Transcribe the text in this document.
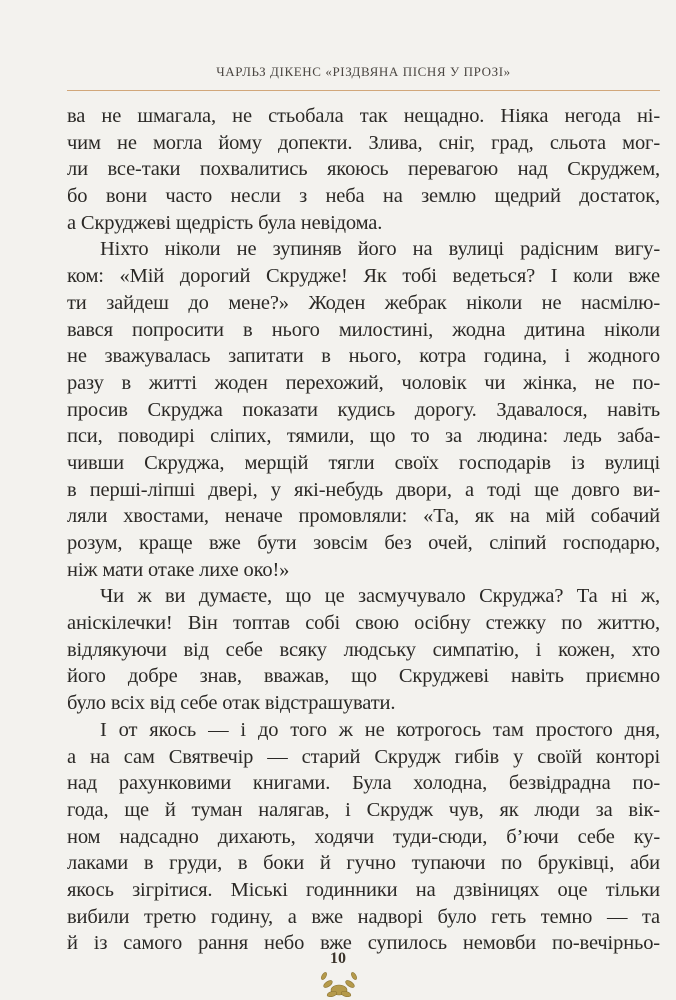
ЧАРЛЬЗ ДІКЕНС «РІЗДВЯНА ПІСНЯ У ПРОЗІ»
ва не шмагала, не стьобала так нещадно. Ніяка негода ні-
чим не могла йому допекти. Злива, сніг, град, сльота мог-
ли все-таки похвалитись якоюсь перевагою над Скруджем,
бо вони часто несли з неба на землю щедрий достаток,
а Скруджеві щедрість була невідома.
Ніхто ніколи не зупиняв його на вулиці радісним вигу-
ком: «Мій дорогий Скрудже! Як тобі ведеться? І коли вже
ти зайдеш до мене?» Жоден жебрак ніколи не насмілю-
вався попросити в нього милостині, жодна дитина ніколи
не зважувалась запитати в нього, котра година, і жодного
разу в житті жоден перехожий, чоловік чи жінка, не по-
просив Скруджа показати кудись дорогу. Здавалося, навіть
пси, поводирі сліпих, тямили, що то за людина: ледь заба-
чивши Скруджа, мерщій тягли своїх господарів із вулиці
в перші-ліпші двері, у які-небудь двори, а тоді ще довго ви-
ляли хвостами, неначе промовляли: «Та, як на мій собачий
розум, краще вже бути зовсім без очей, сліпий господарю,
ніж мати отаке лихе око!»
Чи ж ви думаєте, що це засмучувало Скруджа? Та ні ж,
аніскілечки! Він топтав собі свою осібну стежку по життю,
відлякуючи від себе всяку людську симпатію, і кожен, хто
його добре знав, вважав, що Скруджеві навіть приємно
було всіх від себе отак відстрашувати.
І от якось — і до того ж не котрогось там простого дня,
а на сам Святвечір — старий Скрудж гибів у своїй конторі
над рахунковими книгами. Була холодна, безвідрадна по-
года, ще й туман налягав, і Скрудж чув, як люди за вік-
ном надсадно дихають, ходячи туди-сюди, б’ючи себе ку-
лаками в груди, в боки й гучно тупаючи по бруківці, аби
якось зігрітися. Міські годинники на дзвіницях оце тільки
вибили третю годину, а вже надворі було геть темно — та
й із самого рання небо вже супилось немовби по-вечірньо-
10
